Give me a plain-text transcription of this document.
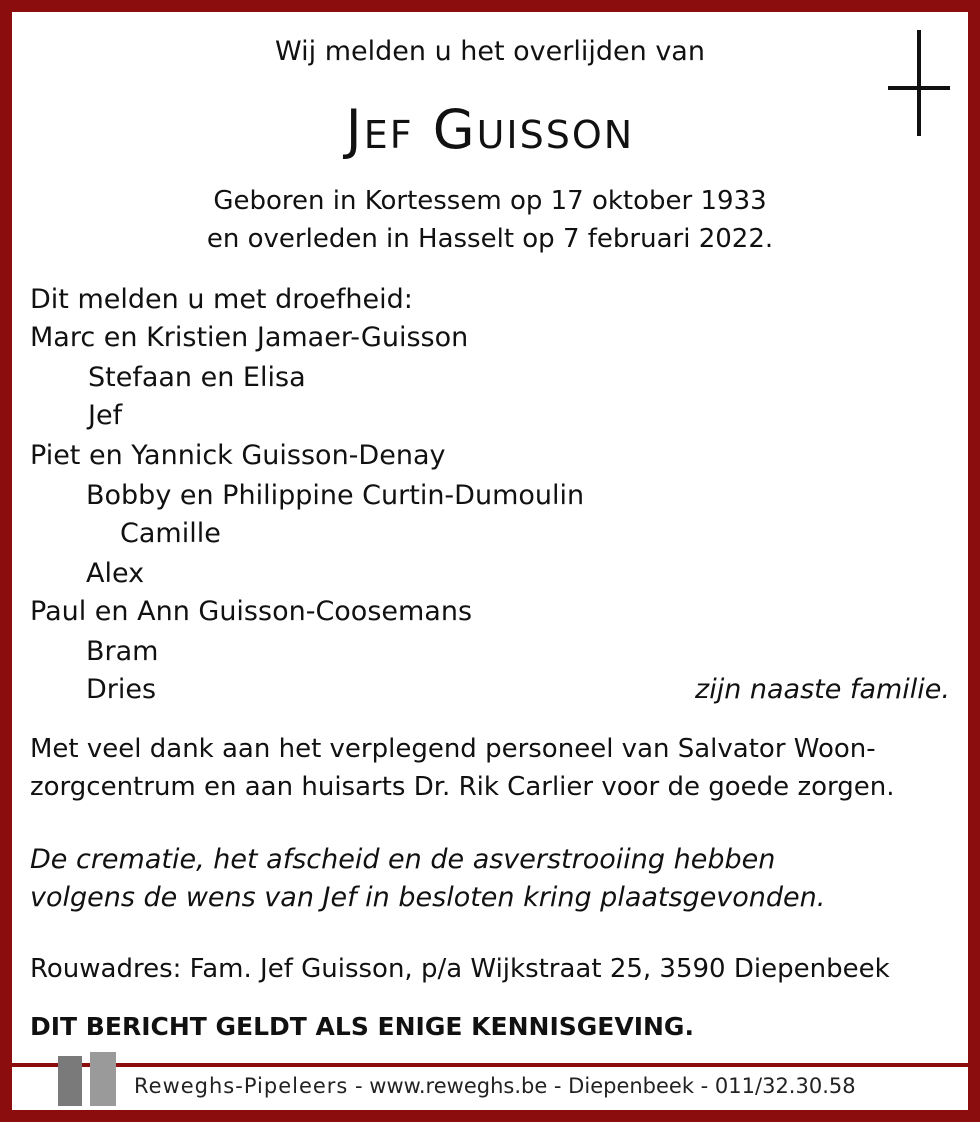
Wij melden u het overlijden van
Jef Guisson
Geboren in Kortessem op 17 oktober 1933
en overleden in Hasselt op 7 februari 2022.
Dit melden u met droefheid:
Marc en Kristien Jamaer-Guisson
Stefaan en Elisa
Jef
Piet en Yannick Guisson-Denay
Bobby en Philippine Curtin-Dumoulin
Camille
Alex
Paul en Ann Guisson-Coosemans
Bram
Dries	zijn naaste familie.
Met veel dank aan het verplegend personeel van Salvator Woon-
zorgcentrum en aan huisarts Dr. Rik Carlier voor de goede zorgen.
De crematie, het afscheid en de asverstrooiing hebben
volgens de wens van Jef in besloten kring plaatsgevonden.
Rouwadres: Fam. Jef Guisson, p/a Wijkstraat 25, 3590 Diepenbeek
DIT BERICHT GELDT ALS ENIGE KENNISGEVING.
Reweghs-Pipeleers - www.reweghs.be - Diepenbeek - 011/32.30.58
